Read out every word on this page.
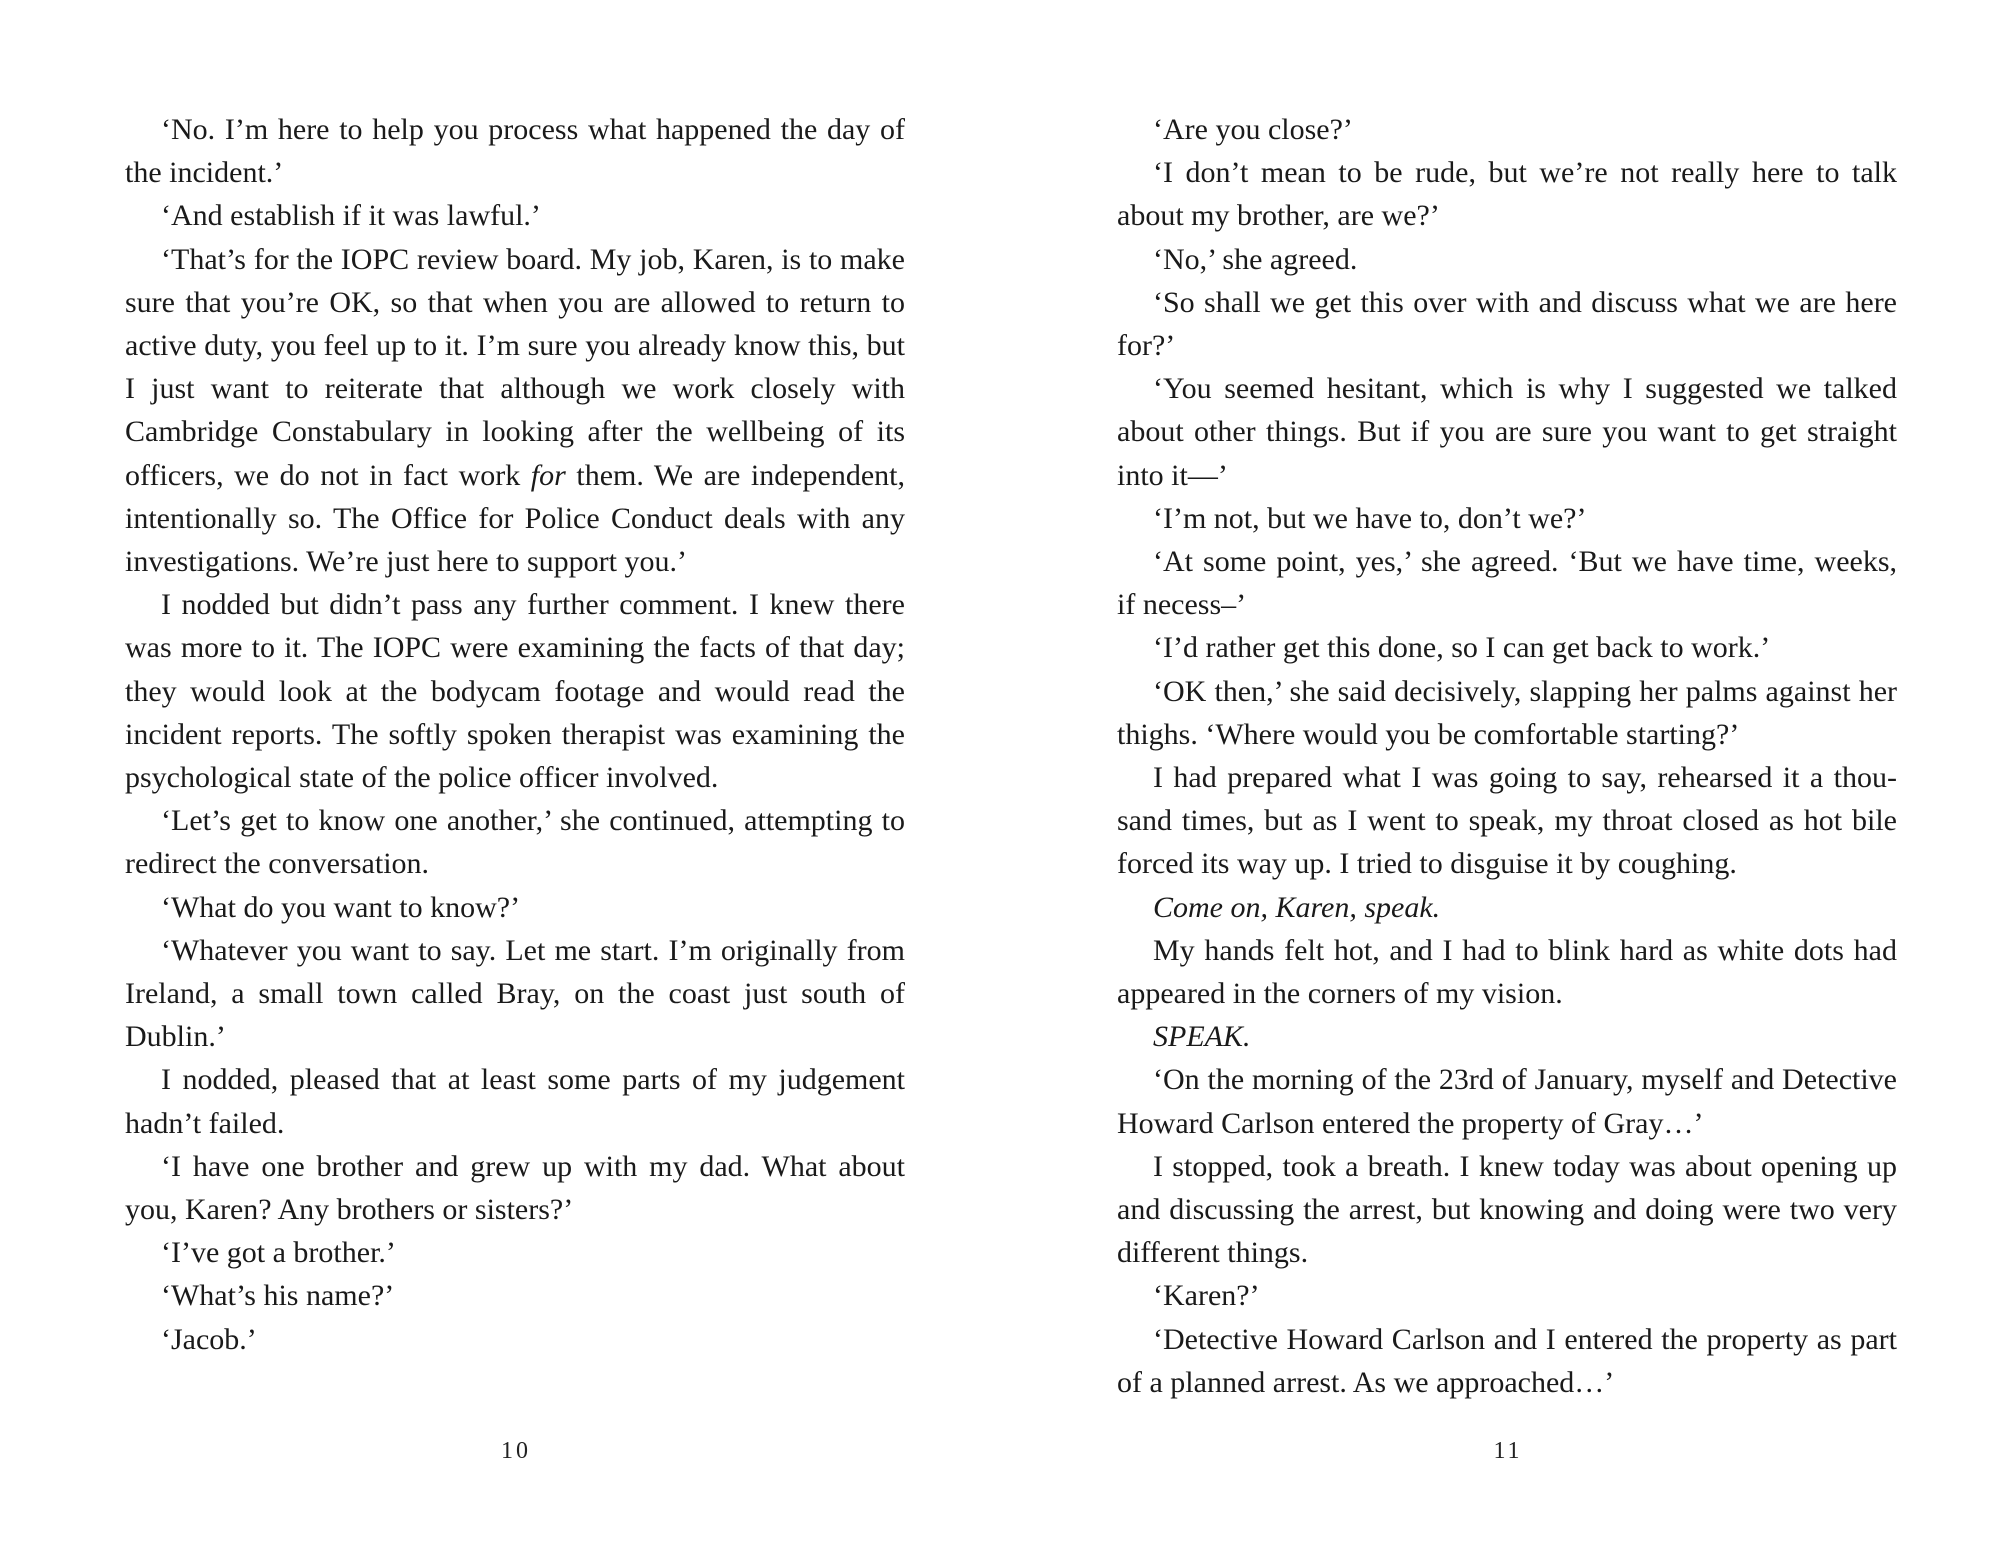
‘No. I’m here to help you process what happened the day of the incident.’

‘And establish if it was lawful.’

‘That’s for the IOPC review board. My job, Karen, is to make sure that you’re OK, so that when you are allowed to return to active duty, you feel up to it. I’m sure you already know this, but I just want to reiterate that although we work closely with Cambridge Constabulary in looking after the wellbeing of its officers, we do not in fact work for them. We are independent, intentionally so. The Office for Police Conduct deals with any investigations. We’re just here to support you.’

I nodded but didn’t pass any further comment. I knew there was more to it. The IOPC were examining the facts of that day; they would look at the bodycam footage and would read the incident reports. The softly spoken therapist was examining the psychological state of the police officer involved.

‘Let’s get to know one another,’ she continued, attempting to redirect the conversation.

‘What do you want to know?’

‘Whatever you want to say. Let me start. I’m originally from Ireland, a small town called Bray, on the coast just south of Dublin.’

I nodded, pleased that at least some parts of my judgement hadn’t failed.

‘I have one brother and grew up with my dad. What about you, Karen? Any brothers or sisters?’

‘I’ve got a brother.’

‘What’s his name?’

‘Jacob.’

‘Are you close?’

‘I don’t mean to be rude, but we’re not really here to talk about my brother, are we?’

‘No,’ she agreed.

‘So shall we get this over with and discuss what we are here for?’

‘You seemed hesitant, which is why I suggested we talked about other things. But if you are sure you want to get straight into it—’

‘I’m not, but we have to, don’t we?’

‘At some point, yes,’ she agreed. ‘But we have time, weeks, if necess–’

‘I’d rather get this done, so I can get back to work.’

‘OK then,’ she said decisively, slapping her palms against her thighs. ‘Where would you be comfortable starting?’

I had prepared what I was going to say, rehearsed it a thousand times, but as I went to speak, my throat closed as hot bile forced its way up. I tried to disguise it by coughing.

Come on, Karen, speak.

My hands felt hot, and I had to blink hard as white dots had appeared in the corners of my vision.

SPEAK.

‘On the morning of the 23rd of January, myself and Detective Howard Carlson entered the property of Gray…’

I stopped, took a breath. I knew today was about opening up and discussing the arrest, but knowing and doing were two very different things.

‘Karen?’

‘Detective Howard Carlson and I entered the property as part of a planned arrest. As we approached…’

10	11
